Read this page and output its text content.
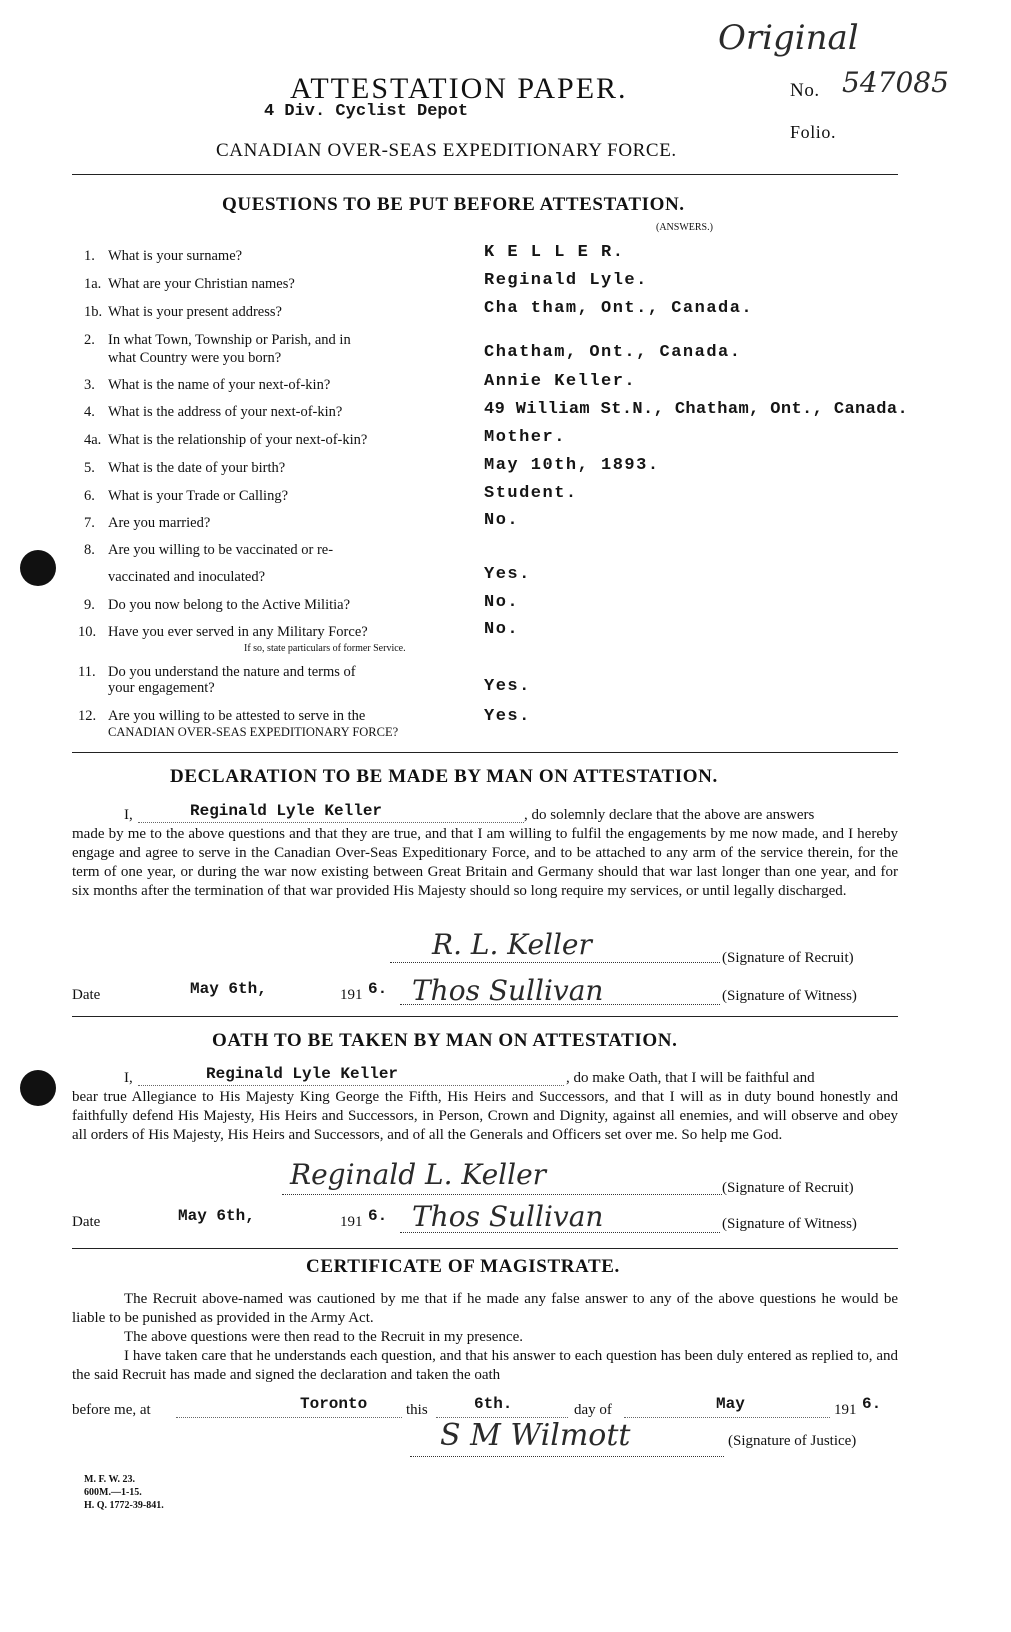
Original
ATTESTATION PAPER.	No. 547085
4 Div. Cyclist Depot
Folio.
CANADIAN OVER-SEAS EXPEDITIONARY FORCE.
QUESTIONS TO BE PUT BEFORE ATTESTATION.
(ANSWERS.)
1. What is your surname?	K E L L E R.
1a. What are your Christian names?	Reginald Lyle.
1b. What is your present address?	Cha tham, Ont., Canada.
2. In what Town, Township or Parish, and in
what Country were you born?	Chatham, Ont., Canada.
3. What is the name of your next-of-kin?	Annie Keller.
4. What is the address of your next-of-kin?	49 William St.N., Chatham, Ont., Canada.
4a. What is the relationship of your next-of-kin?	Mother.
5. What is the date of your birth?	May 10th, 1893.
6. What is your Trade or Calling?	Student.
7. Are you married?	No.
8. Are you willing to be vaccinated or re-
vaccinated and inoculated?	Yes.
9. Do you now belong to the Active Militia?	No.
10. Have you ever served in any Military Force?
If so, state particulars of former Service.
No.
11. Do you understand the nature and terms of
your engagement?	Yes.
12. Are you willing to be attested to serve in the
CANADIAN OVER-SEAS EXPEDITIONARY FORCE?
Yes.
DECLARATION TO BE MADE BY MAN ON ATTESTATION.
I,	Reginald Lyle Keller	, do solemnly declare that the above are answers
made by me to the above questions and that they are true, and that I am willing to fulfil the engagements by me now made, and I hereby engage and agree to serve in the Canadian Over-Seas Expeditionary Force, and to be attached to any arm of the service therein, for the term of one year, or during the war now existing between Great Britain and Germany should that war last longer than one year, and for six months after the termination of that war provided His Majesty should so long require my services, or until legally discharged.
R. L. Keller	(Signature of Recruit)
Date	May 6th,	191 6. Thos Sullivan	(Signature of Witness)
OATH TO BE TAKEN BY MAN ON ATTESTATION.
I,	Reginald Lyle Keller	, do make Oath, that I will be faithful and
bear true Allegiance to His Majesty King George the Fifth, His Heirs and Successors, and that I will as in duty bound honestly and faithfully defend His Majesty, His Heirs and Successors, in Person, Crown and Dignity, against all enemies, and will observe and obey all orders of His Majesty, His Heirs and Successors, and of all the Generals and Officers set over me. So help me God.
Reginald L. Keller	(Signature of Recruit)
Date	May 6th,	191 6. Thos Sullivan	(Signature of Witness)
CERTIFICATE OF MAGISTRATE.
The Recruit above-named was cautioned by me that if he made any false answer to any of the above questions he would be liable to be punished as provided in the Army Act.
The above questions were then read to the Recruit in my presence.
I have taken care that he understands each question, and that his answer to each question has been duly entered as replied to, and the said Recruit has made and signed the declaration and taken the oath
before me, at	Toronto	this	6th.	day of	May	191 6.
S M Wilmott	(Signature of Justice)
M. F. W. 23.
600M.—1-15.
H. Q. 1772-39-841.
